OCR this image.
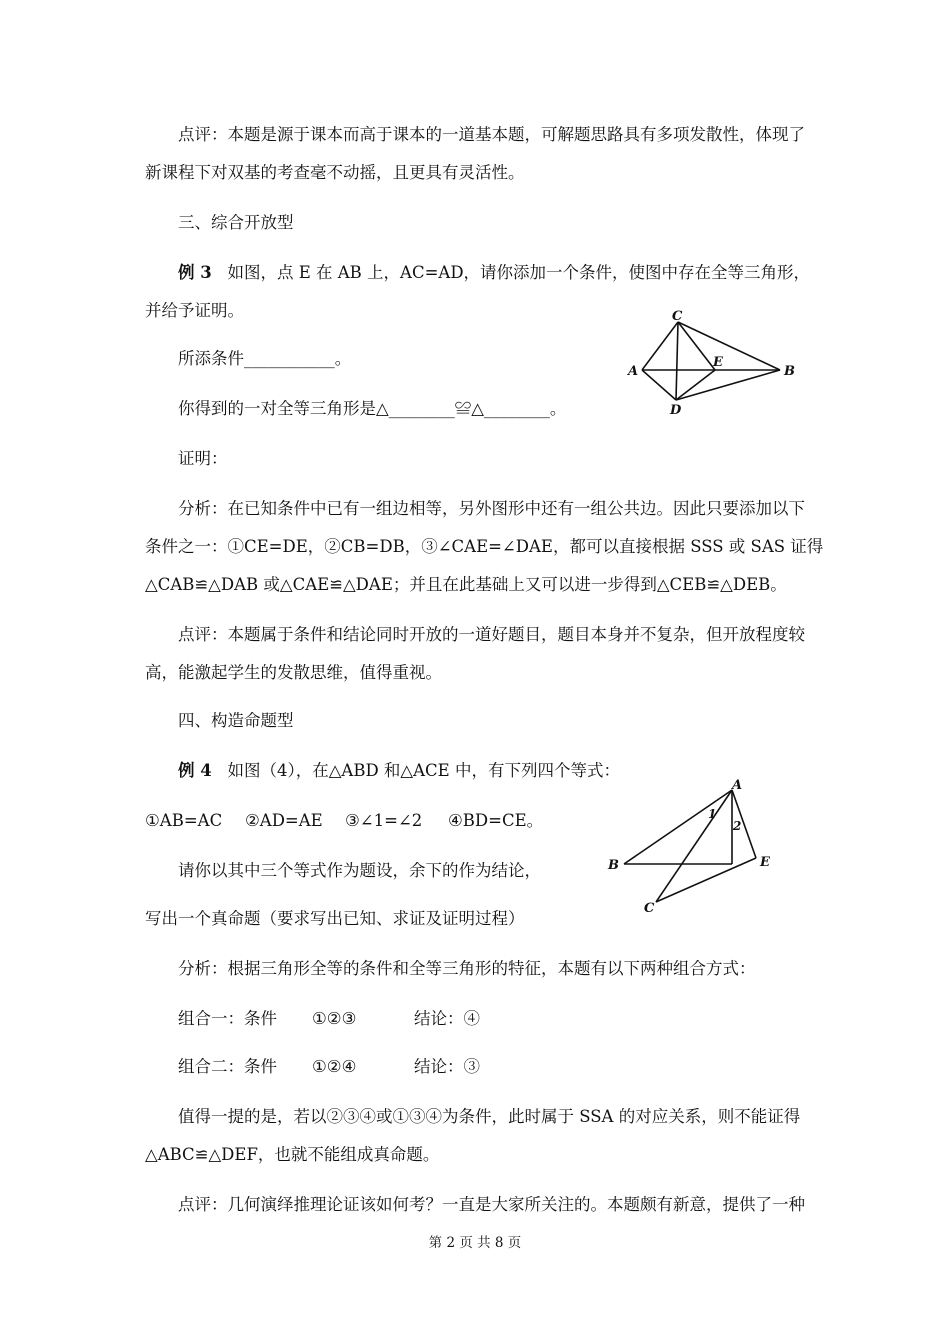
点评：本题是源于课本而高于课本的一道基本题，可解题思路具有多项发散性，体现了
新课程下对双基的考查毫不动摇，且更具有灵活性。
三、综合开放型
例 3 如图，点 E 在 AB 上，AC=AD，请你添加一个条件，使图中存在全等三角形，
并给予证明。
所添条件___________。
你得到的一对全等三角形是△________≌△________。
证明：
分析：在已知条件中已有一组边相等，另外图形中还有一组公共边。因此只要添加以下
条件之一：①CE=DE，②CB=DB，③∠CAE=∠DAE，都可以直接根据 SSS 或 SAS 证得
△CAB≌△DAB 或△CAE≌△DAE；并且在此基础上又可以进一步得到△CEB≌△DEB。
点评：本题属于条件和结论同时开放的一道好题目，题目本身并不复杂，但开放程度较
高，能激起学生的发散思维，值得重视。
四、构造命题型
例 4 如图（4），在△ABD 和△ACE 中，有下列四个等式：
①AB=AC ②AD=AE ③∠1=∠2 ④BD=CE。
请你以其中三个等式作为题设，余下的作为结论，
写出一个真命题（要求写出已知、求证及证明过程）
分析：根据三角形全等的条件和全等三角形的特征，本题有以下两种组合方式：
组合一：条件 ①②③	结论：④
组合二：条件 ①②④	结论：③
值得一提的是，若以②③④或①③④为条件，此时属于 SSA 的对应关系，则不能证得
△ABC≌△DEF，也就不能组成真命题。
点评：几何演绎推理论证该如何考？一直是大家所关注的。本题颇有新意，提供了一种
C
A
E
B
D
A
1
2
B	E
C
第 2 页 共 8 页
